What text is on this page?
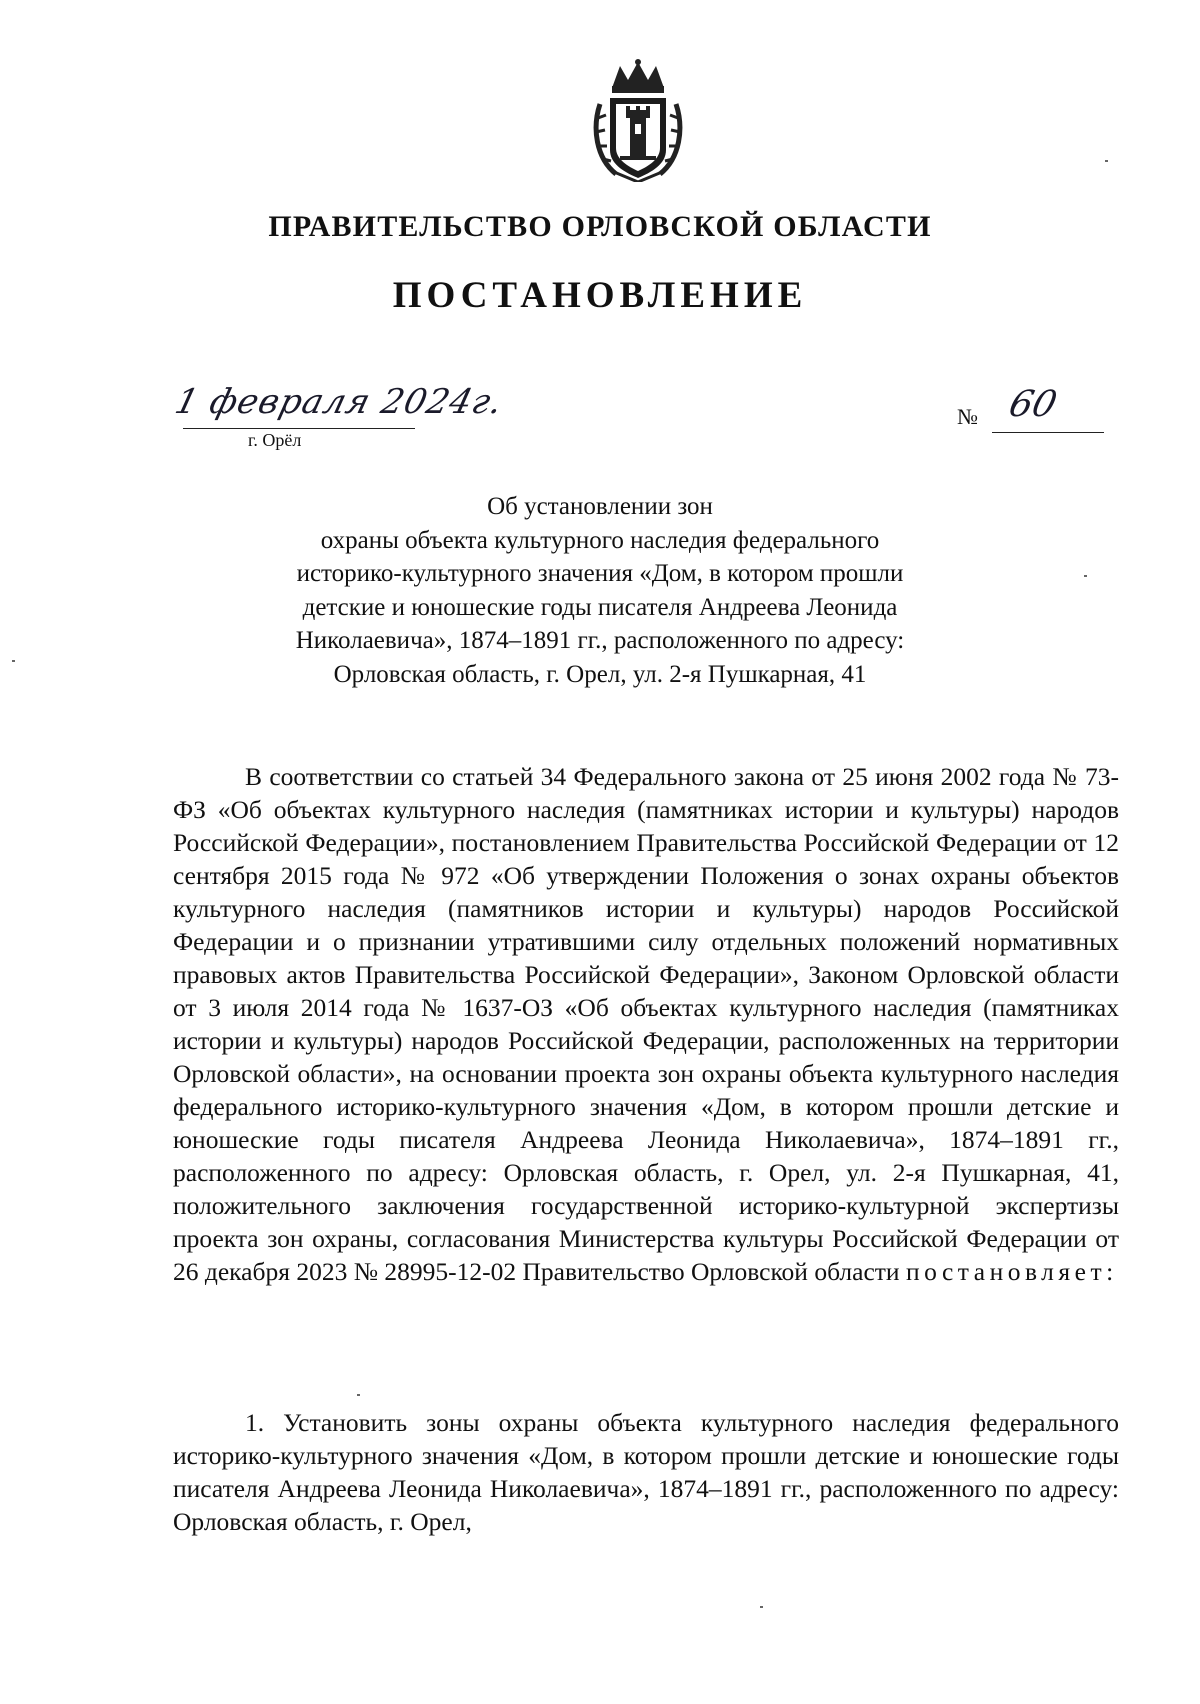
ПРАВИТЕЛЬСТВО ОРЛОВСКОЙ ОБЛАСТИ
ПОСТАНОВЛЕНИЕ
1 февраля 2024г.
г. Орёл
№ 60
Об установлении зон
охраны объекта культурного наследия федерального
историко-культурного значения «Дом, в котором прошли
детские и юношеские годы писателя Андреева Леонида
Николаевича», 1874–1891 гг., расположенного по адресу:
Орловская область, г. Орел, ул. 2-я Пушкарная, 41
В соответствии со статьей 34 Федерального закона от 25 июня 2002 года № 73-ФЗ «Об объектах культурного наследия (памятниках истории и культуры) народов Российской Федерации», постановлением Правительства Российской Федерации от 12 сентября 2015 года № 972 «Об утверждении Положения о зонах охраны объектов культурного наследия (памятников истории и культуры) народов Российской Федерации и о признании утратившими силу отдельных положений нормативных правовых актов Правительства Российской Федерации», Законом Орловской области от 3 июля 2014 года № 1637-ОЗ «Об объектах культурного наследия (памятниках истории и культуры) народов Российской Федерации, расположенных на территории Орловской области», на основании проекта зон охраны объекта культурного наследия федерального историко-культурного значения «Дом, в котором прошли детские и юношеские годы писателя Андреева Леонида Николаевича», 1874–1891 гг., расположенного по адресу: Орловская область, г. Орел, ул. 2-я Пушкарная, 41, положительного заключения государственной историко-культурной экспертизы проекта зон охраны, согласования Министерства культуры Российской Федерации от 26 декабря 2023 № 28995-12-02 Правительство Орловской области постановляет:
1. Установить зоны охраны объекта культурного наследия федерального историко-культурного значения «Дом, в котором прошли детские и юношеские годы писателя Андреева Леонида Николаевича», 1874–1891 гг., расположенного по адресу: Орловская область, г. Орел,
